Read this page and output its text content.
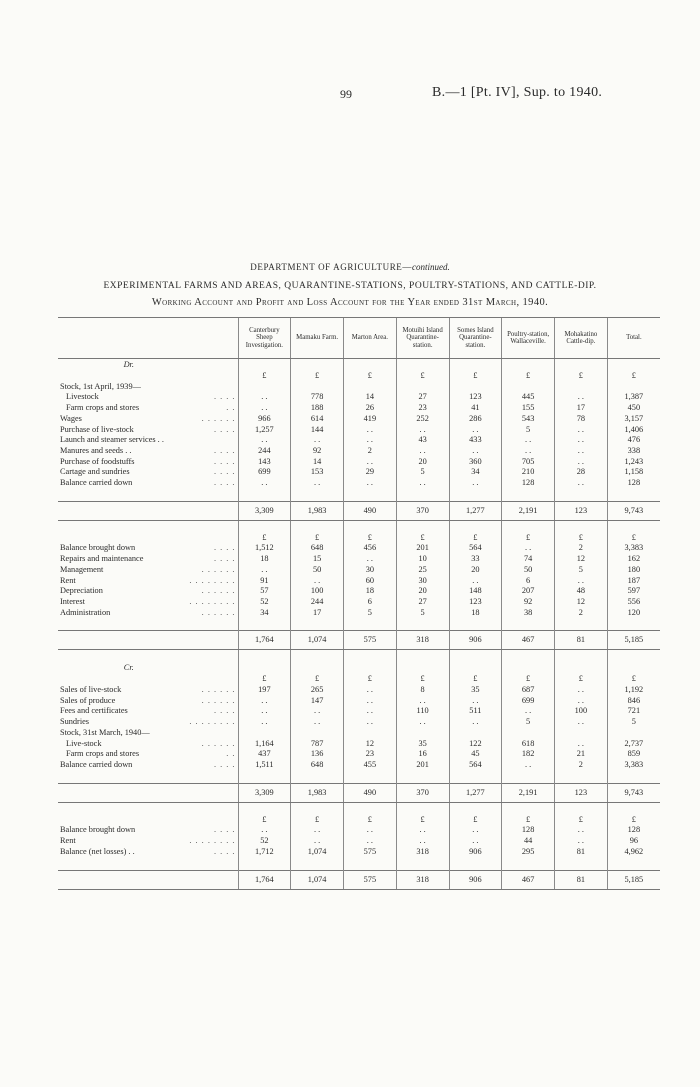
99	B.—1 [Pt. IV], Sup. to 1940.
DEPARTMENT OF AGRICULTURE—continued.
EXPERIMENTAL FARMS AND AREAS, QUARANTINE-STATIONS, POULTRY-STATIONS, AND CATTLE-DIP.
Working Account and Profit and Loss Account for the Year ended 31st March, 1940.
	Canterbury Sheep Investigation.	Mamaku Farm.	Marton Area.	Motuihi Island Quarantine-station.	Somes Island Quarantine-station.	Poultry-station, Wallaceville.	Mohakatino Cattle-dip.	Total.
Dr.								
	£	£	£	£	£	£	£	£
Stock, 1st April, 1939—								
Livestock . . . .	. .	778	14	27	123	445	. .	1,387
Farm crops and stores . .	. .	188	26	23	41	155	17	450
Wages . . . . . .	966	614	419	252	286	543	78	3,157
Purchase of live-stock . . . .	1,257	144	. .	. .	. .	5	. .	1,406
Launch and steamer services . .	. .	. .	. .	43	433	. .	. .	476
Manures and seeds . . . . . .	244	92	2	. .	. .	. .	. .	338
Purchase of foodstuffs . . . .	143	14	. .	20	360	705	. .	1,243
Cartage and sundries . . . .	699	153	29	5	34	210	28	1,158
Balance carried down . . . .	. .	. .	. .	. .	. .	128	. .	128

	3,309	1,983	490	370	1,277	2,191	123	9,743

	£	£	£	£	£	£	£	£
Balance brought down . . . .	1,512	648	456	201	564	. .	2	3,383
Repairs and maintenance . . . .	18	15	. .	10	33	74	12	162
Management . . . . . .	. .	50	30	25	20	50	5	180
Rent . . . . . . . .	91	. .	60	30	. .	6	. .	187
Depreciation . . . . . .	57	100	18	20	148	207	48	597
Interest . . . . . . . .	52	244	6	27	123	92	12	556
Administration . . . . . .	34	17	5	5	18	38	2	120

	1,764	1,074	575	318	906	467	81	5,185

Cr.								
	£	£	£	£	£	£	£	£
Sales of live-stock . . . . . .	197	265	. .	8	35	687	. .	1,192
Sales of produce . . . . . .	. .	147	. .	. .	. .	699	. .	846
Fees and certificates . . . .	. .	. .	. .	110	511	. .	100	721
Sundries . . . . . . . .	. .	. .	. .	. .	. .	5	. .	5
Stock, 31st March, 1940—								
Live-stock . . . . . .	1,164	787	12	35	122	618	. .	2,737
Farm crops and stores . .	437	136	23	16	45	182	21	859
Balance carried down . . . .	1,511	648	455	201	564	. .	2	3,383

	3,309	1,983	490	370	1,277	2,191	123	9,743

	£	£	£	£	£	£	£	£
Balance brought down . . . .	. .	. .	. .	. .	. .	128	. .	128
Rent . . . . . . . .	52	. .	. .	. .	. .	44	. .	96
Balance (net losses) . . . . . .	1,712	1,074	575	318	906	295	81	4,962

	1,764	1,074	575	318	906	467	81	5,185
